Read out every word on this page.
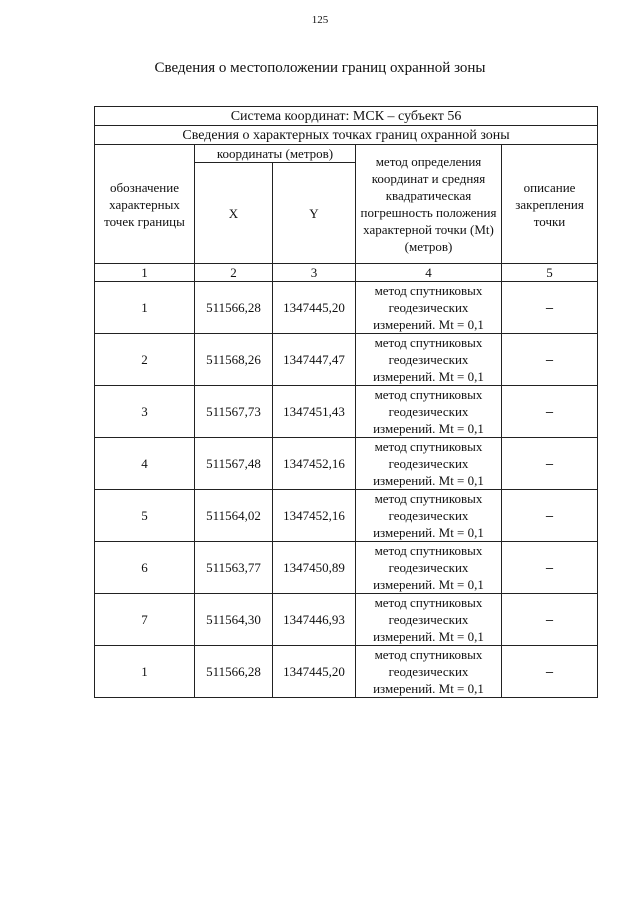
125
Сведения о местоположении границ охранной зоны
Система координат: МСК – субъект 56				
Сведения о характерных точках границ охранной зоны				
обозначение характерных точек границы	координаты (метров)		метод определения координат и средняя квадратическая погрешность положения характерной точки (Mt) (метров)	описание закрепления точки
	X	Y		
1	2	3	4	5
1	511566,28	1347445,20	метод спутниковых геодезических измерений. Mt = 0,1	–
2	511568,26	1347447,47	метод спутниковых геодезических измерений. Mt = 0,1	–
3	511567,73	1347451,43	метод спутниковых геодезических измерений. Mt = 0,1	–
4	511567,48	1347452,16	метод спутниковых геодезических измерений. Mt = 0,1	–
5	511564,02	1347452,16	метод спутниковых геодезических измерений. Mt = 0,1	–
6	511563,77	1347450,89	метод спутниковых геодезических измерений. Mt = 0,1	–
7	511564,30	1347446,93	метод спутниковых геодезических измерений. Mt = 0,1	–
1	511566,28	1347445,20	метод спутниковых геодезических измерений. Mt = 0,1	–
